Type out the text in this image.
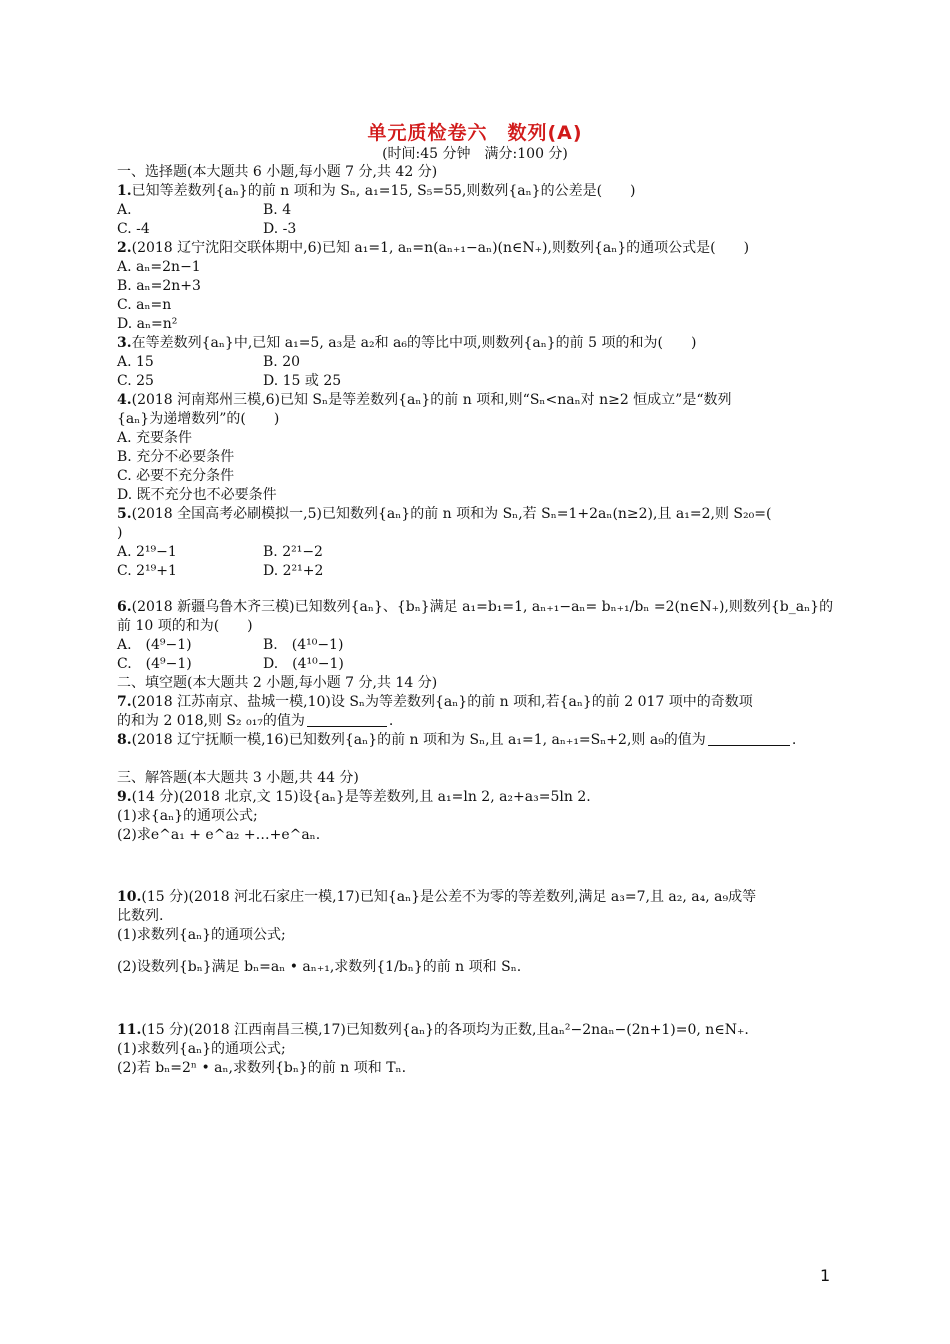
单元质检卷六　数列(A)
(时间:45 分钟　满分:100 分)
一、选择题(本大题共 6 小题,每小题 7 分,共 42 分)
1.已知等差数列{aₙ}的前 n 项和为 Sₙ, a₁=15, S₅=55,则数列{aₙ}的公差是(　　)
A.	B. 4
C. -4	D. -3
2.(2018 辽宁沈阳交联体期中,6)已知 a₁=1, aₙ=n(aₙ₊₁−aₙ)(n∈N₊),则数列{aₙ}的通项公式是(　　)
A. aₙ=2n−1
B. aₙ=2n+3
C. aₙ=n
D. aₙ=n²
3.在等差数列{aₙ}中,已知 a₁=5, a₃是 a₂和 a₆的等比中项,则数列{aₙ}的前 5 项的和为(　　)
A. 15	B. 20
C. 25	D. 15 或 25
4.(2018 河南郑州三模,6)已知 Sₙ是等差数列{aₙ}的前 n 项和,则“Sₙ<naₙ对 n≥2 恒成立”是“数列
{aₙ}为递增数列”的(　　)
A. 充要条件
B. 充分不必要条件
C. 必要不充分条件
D. 既不充分也不必要条件
5.(2018 全国高考必刷模拟一,5)已知数列{aₙ}的前 n 项和为 Sₙ,若 Sₙ=1+2aₙ(n≥2),且 a₁=2,则 S₂₀=(
)
A. 2¹⁹−1	B. 2²¹−2
C. 2¹⁹+1	D. 2²¹+2
6.(2018 新疆乌鲁木齐三模)已知数列{aₙ}、{bₙ}满足 a₁=b₁=1, aₙ₊₁−aₙ= bₙ₊₁/bₙ =2(n∈N₊),则数列{b_aₙ}的
前 10 项的和为(　　)
A.　(4⁹−1)	B.　(4¹⁰−1)
C.　(4⁹−1)	D.　(4¹⁰−1)
二、填空题(本大题共 2 小题,每小题 7 分,共 14 分)
7.(2018 江苏南京、盐城一模,10)设 Sₙ为等差数列{aₙ}的前 n 项和,若{aₙ}的前 2 017 项中的奇数项
的和为 2 018,则 S₂ ₀₁₇的值为	.
8.(2018 辽宁抚顺一模,16)已知数列{aₙ}的前 n 项和为 Sₙ,且 a₁=1, aₙ₊₁=Sₙ+2,则 a₉的值为	.
三、解答题(本大题共 3 小题,共 44 分)
9.(14 分)(2018 北京,文 15)设{aₙ}是等差数列,且 a₁=ln 2, a₂+a₃=5ln 2.
(1)求{aₙ}的通项公式;
(2)求e^a₁ + e^a₂ +…+e^aₙ.
10.(15 分)(2018 河北石家庄一模,17)已知{aₙ}是公差不为零的等差数列,满足 a₃=7,且 a₂, a₄, a₉成等
比数列.
(1)求数列{aₙ}的通项公式;
(2)设数列{bₙ}满足 bₙ=aₙ • aₙ₊₁,求数列{1/bₙ}的前 n 项和 Sₙ.
11.(15 分)(2018 江西南昌三模,17)已知数列{aₙ}的各项均为正数,且aₙ²−2naₙ−(2n+1)=0, n∈N₊.
(1)求数列{aₙ}的通项公式;
(2)若 bₙ=2ⁿ • aₙ,求数列{bₙ}的前 n 项和 Tₙ.
1
